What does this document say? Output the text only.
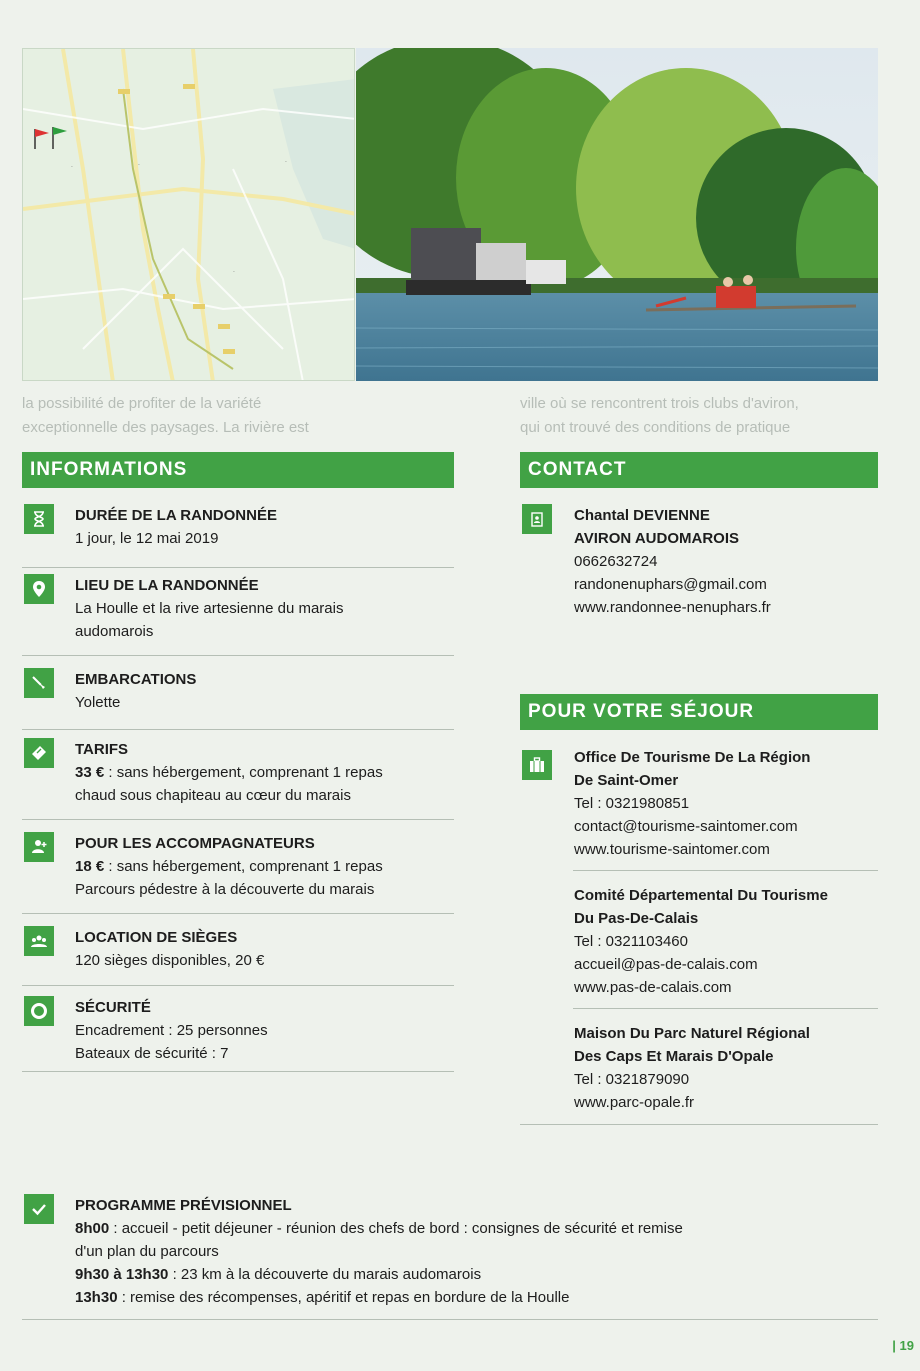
·	·	·
·
la possibilité de profiter de la variété
exceptionnelle des paysages. La rivière est
ville où se rencontrent trois clubs d'aviron,
qui ont trouvé des conditions de pratique
INFORMATIONS
DURÉE DE LA RANDONNÉE
1 jour, le 12 mai 2019
LIEU DE LA RANDONNÉE
La Houlle et la rive artesienne du marais
audomarois
EMBARCATIONS
Yolette
TARIFS
33 € : sans hébergement, comprenant 1 repas
chaud sous chapiteau au cœur du marais
POUR LES ACCOMPAGNATEURS
18 € : sans hébergement, comprenant 1 repas
Parcours pédestre à la découverte du marais
LOCATION DE SIÈGES
120 sièges disponibles, 20 €
SÉCURITÉ
Encadrement : 25 personnes
Bateaux de sécurité : 7
CONTACT
Chantal DEVIENNE
AVIRON AUDOMAROIS
0662632724
randonenuphars@gmail.com
www.randonnee-nenuphars.fr
POUR VOTRE SÉJOUR
Office De Tourisme De La Région
De Saint-Omer
Tel : 0321980851
contact@tourisme-saintomer.com
www.tourisme-saintomer.com
Comité Départemental Du Tourisme
Du Pas-De-Calais
Tel : 0321103460
accueil@pas-de-calais.com
www.pas-de-calais.com
Maison Du Parc Naturel Régional
Des Caps Et Marais D'Opale
Tel : 0321879090
www.parc-opale.fr
PROGRAMME PRÉVISIONNEL
8h00 : accueil - petit déjeuner - réunion des chefs de bord : consignes de sécurité et remise
d'un plan du parcours
9h30 à 13h30 : 23 km à la découverte du marais audomarois
13h30 : remise des récompenses, apéritif et repas en bordure de la Houlle
| 19
